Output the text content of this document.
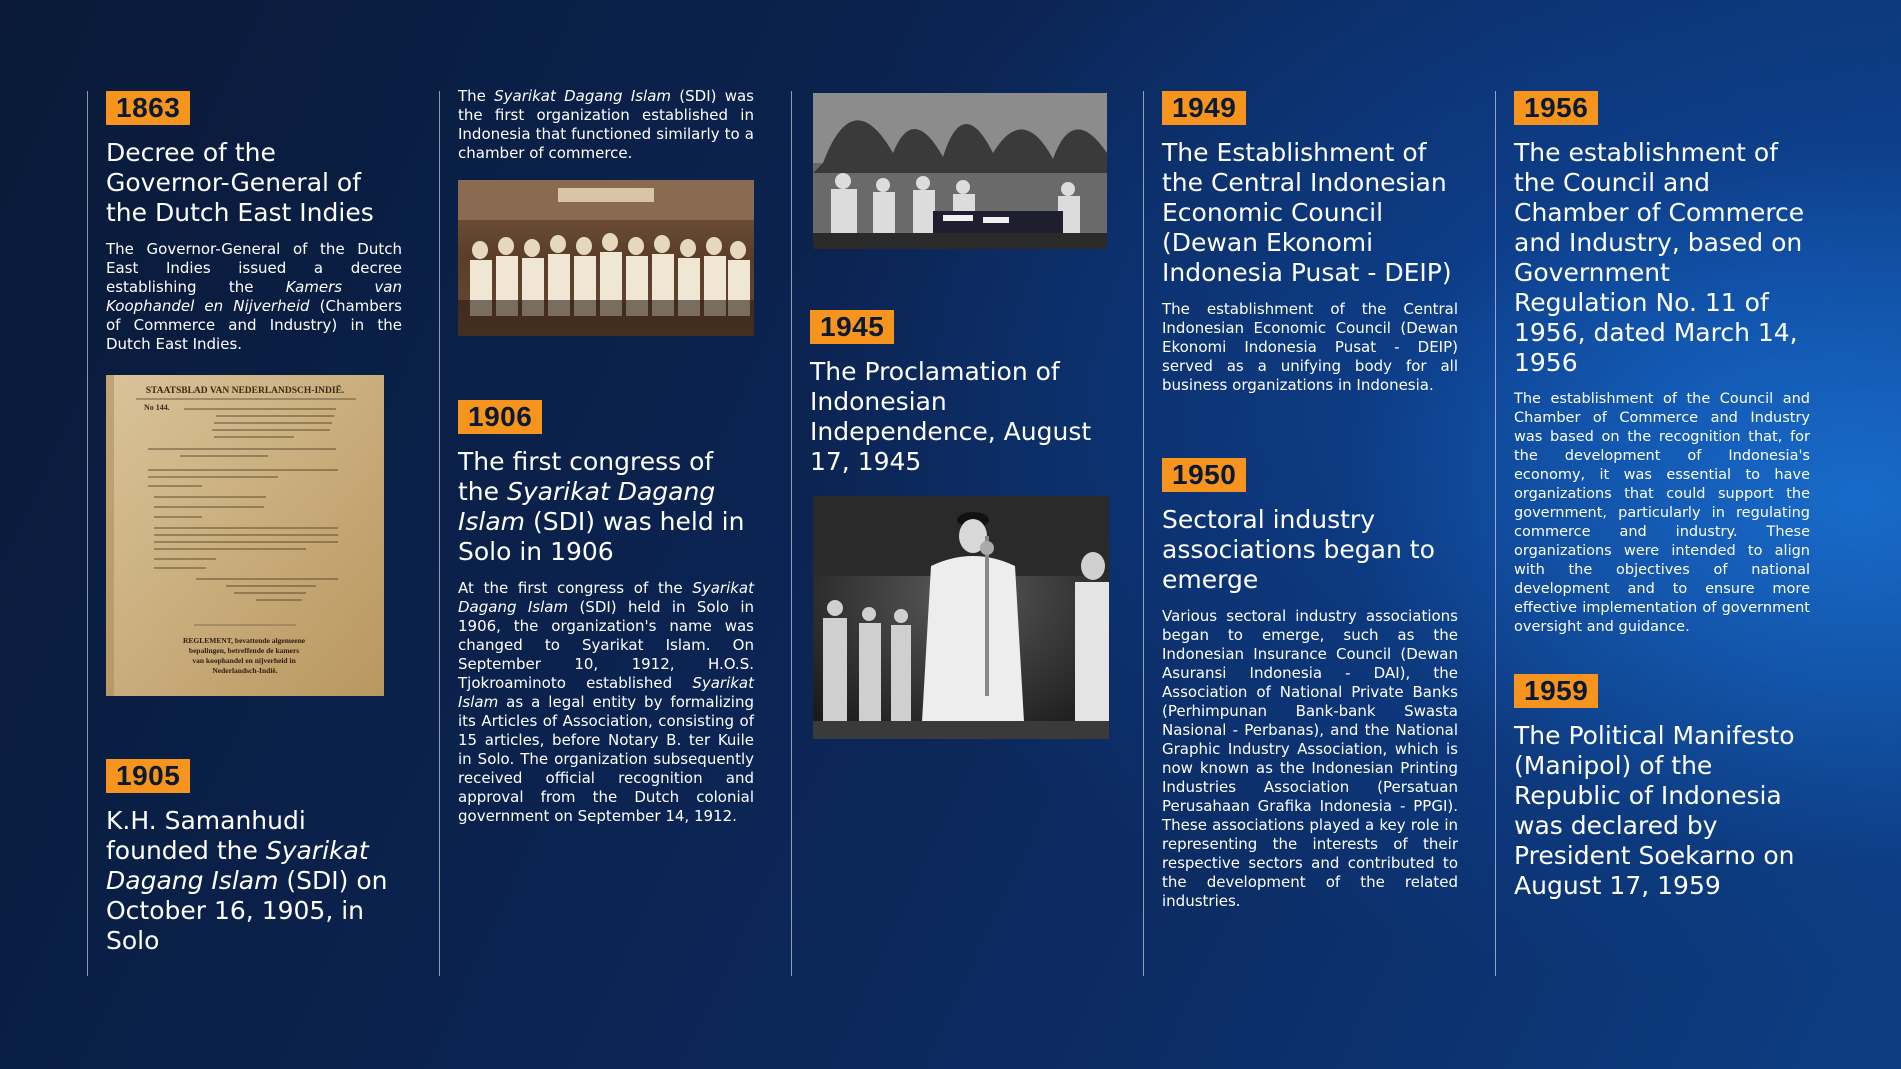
1863
Decree of the Governor-General of the Dutch East Indies
The Governor-General of the Dutch East Indies issued a decree establishing the Kamers van Koophandel en Nijverheid (Chambers of Commerce and Industry) in the Dutch East Indies.
STAATSBLAD VAN NEDERLANDSCH-INDIË.
No 144.
REGLEMENT, bevattende algemeene bepalingen, betreffende de kamers van koophandel en nijverheid in Nederlandsch-Indië.
1905
K.H. Samanhudi founded the Syarikat Dagang Islam (SDI) on October 16, 1905, in Solo
The Syarikat Dagang Islam (SDI) was the first organization established in Indonesia that functioned similarly to a chamber of commerce.
1906
The first congress of the Syarikat Dagang Islam (SDI) was held in Solo in 1906
At the first congress of the Syarikat Dagang Islam (SDI) held in Solo in 1906, the organization's name was changed to Syarikat Islam. On September 10, 1912, H.O.S. Tjokroaminoto established Syarikat Islam as a legal entity by formalizing its Articles of Association, consisting of 15 articles, before Notary B. ter Kuile in Solo. The organization subsequently received official recognition and approval from the Dutch colonial government on September 14, 1912.
1945
The Proclamation of Indonesian Independence, August 17, 1945
1949
The Establishment of the Central Indonesian Economic Council (Dewan Ekonomi Indonesia Pusat - DEIP)
The establishment of the Central Indonesian Economic Council (Dewan Ekonomi Indonesia Pusat - DEIP) served as a unifying body for all business organizations in Indonesia.
1950
Sectoral industry associations began to emerge
Various sectoral industry associations began to emerge, such as the Indonesian Insurance Council (Dewan Asuransi Indonesia - DAI), the Association of National Private Banks (Perhimpunan Bank-bank Swasta Nasional - Perbanas), and the National Graphic Industry Association, which is now known as the Indonesian Printing Industries Association (Persatuan Perusahaan Grafika Indonesia - PPGI). These associations played a key role in representing the interests of their respective sectors and contributed to the development of the related industries.
1956
The establishment of the Council and Chamber of Commerce and Industry, based on Government Regulation No. 11 of 1956, dated March 14, 1956
The establishment of the Council and Chamber of Commerce and Industry was based on the recognition that, for the development of Indonesia's economy, it was essential to have organizations that could support the government, particularly in regulating commerce and industry. These organizations were intended to align with the objectives of national development and to ensure more effective implementation of government oversight and guidance.
1959
The Political Manifesto (Manipol) of the Republic of Indonesia was declared by President Soekarno on August 17, 1959
